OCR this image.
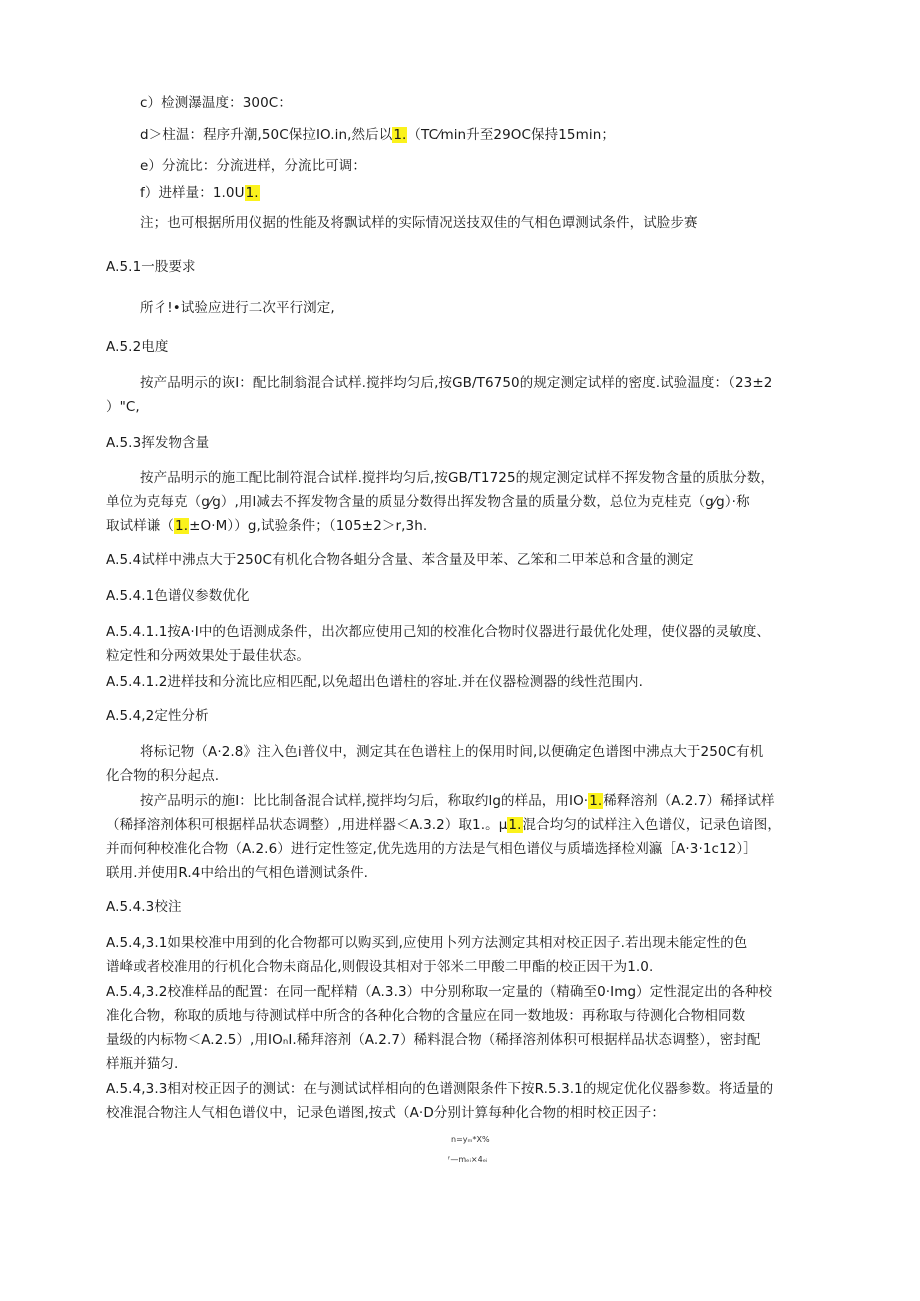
c）检测瀑温度：300C：
d＞柱温：程序升潮,50C保拉IO.in,然后以1.（TC⁄min升至29OC保持15min；
e）分流比：分流进样，分流比可调：
f）进样量：1.0U1.
注；也可根据所用仪据的性能及将飘试样的实际情况送技双佳的气相色谭测试条件，试脸步赛
A.5.1一股要求
所彳!•试验应进行二次平行浏定,
A.5.2电度
按产品明示的诙I：配比制翁混合试样.搅拌均匀后,按GB/T6750的规定测定试样的密度.试验温度：（23±2
）"C,
A.5.3挥发物含量
按产品明示的施工配比制符混合试样.搅拌均匀后,按GB/T1725的规定测定试样不挥发物含量的质肽分数，
单位为克每克（g⁄g）,用l减去不挥发物含量的质显分数得出挥发物含量的质量分数，总位为克桂克（g⁄g）·称
取试样谦（1.±O·M））g,试验条件；（105±2＞r,3h.
A.5.4试样中沸点大于250C有机化合物各蛆分含量、苯含量及甲苯、乙笨和二甲苯总和含量的测定
A.5.4.1色谱仪参数优化
A.5.4.1.1按A·I中的色语测成条件，出次都应使用己知的校准化合物时仪器进行最优化处理，使仪器的灵敏度、
粒定性和分两效果处于最佳状态。
A.5.4.1.2进样技和分流比应相匹配,以免超出色谱柱的容址.并在仪器检测器的线性范围内.
A.5.4,2定性分析
将标记物（A·2.8》注入色i普仪中，测定其在色谱柱上的保用时间,以便确定色谱图中沸点大于250C有机
化合物的积分起点.
按产品明示的施I：比比制备混合试样,搅拌均匀后，称取约lg的样品，用IO·1.稀释溶剂（A.2.7）稀择试样
（稀择溶剂体积可根据样品状态调整）,用进样器＜A.3.2）取1.。μ1.混合均匀的试样注入色谱仪，记录色谙图，
并而何种校准化合物（A.2.6）进行定性签定,优先选用的方法是气相色谱仪与质墙选择检刈瀛［A·3·1c12）］
联用.并使用R.4中给出的气相色谱测试条件.
A.5.4.3校注
A.5.4,3.1如果校准中用到的化合物都可以购买到,应使用卜列方法测定其相对校正因子.若出现未能定性的色
谱峰或者校准用的行机化合物未商品化,则假设其相对于邻米二甲酸二甲酯的校正因干为1.0.
A.5.4,3.2校准样品的配置：在同一配样精（A.3.3）中分别称取一定量的（精确至0·Img）定性混定出的各种校
准化合物，称取的质地与待测试样中所含的各种化合物的含量应在同一数地圾：再称取与待测化合物相同数
量级的内标物＜A.2.5）,用IOₙI.稀拜溶剂（A.2.7）稀料混合物（稀择溶剂体积可根据样品状态调整），密封配
样瓶并猫匀.
A.5.4,3.3相对校正因子的测试：在与测试试样相向的色谱测限条件下按R.5.3.1的规定优化仪器参数。将适量的
校准混合物注人气相色谱仪中，记录色谱图,按式（A·D分别计算每种化合物的相时校正因子：
n=yₘ*X%
ᶠ—mₑᵢ×4ₑᵢ
